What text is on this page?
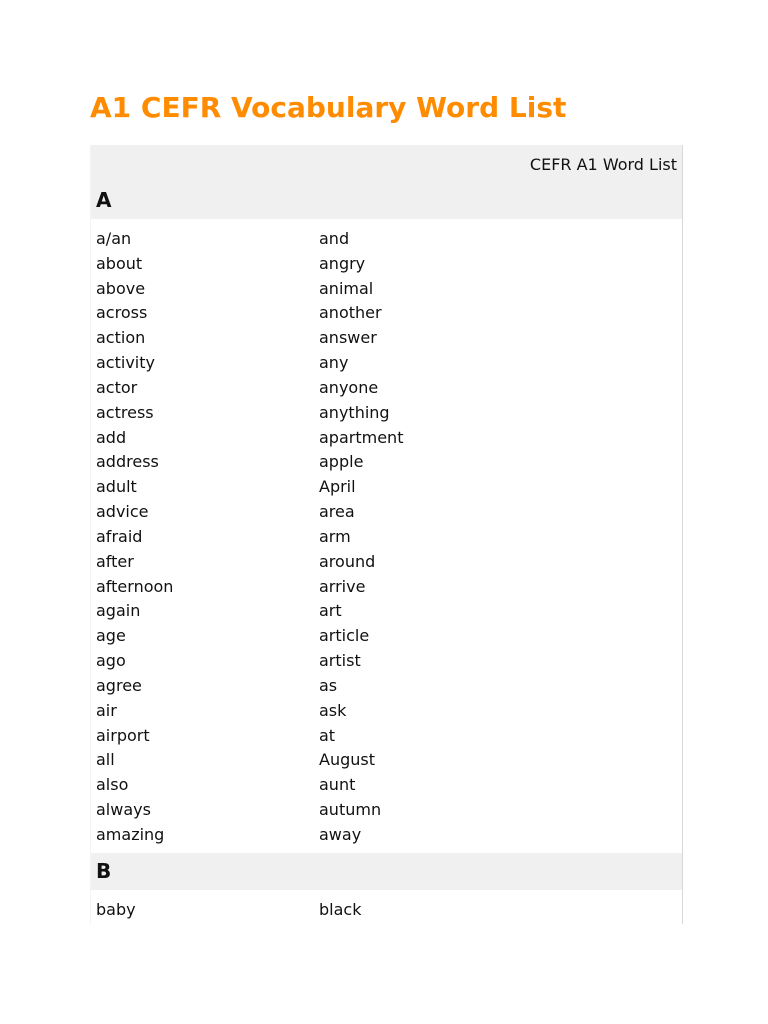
A1 CEFR Vocabulary Word List
CEFR A1 Word List
A
a/an
about
above
across
action
activity
actor
actress
add
address
adult
advice
afraid
after
afternoon
again
age
ago
agree
air
airport
all
also
always
amazing
and
angry
animal
another
answer
any
anyone
anything
apartment
apple
April
area
arm
around
arrive
art
article
artist
as
ask
at
August
aunt
autumn
away
B
baby	black
